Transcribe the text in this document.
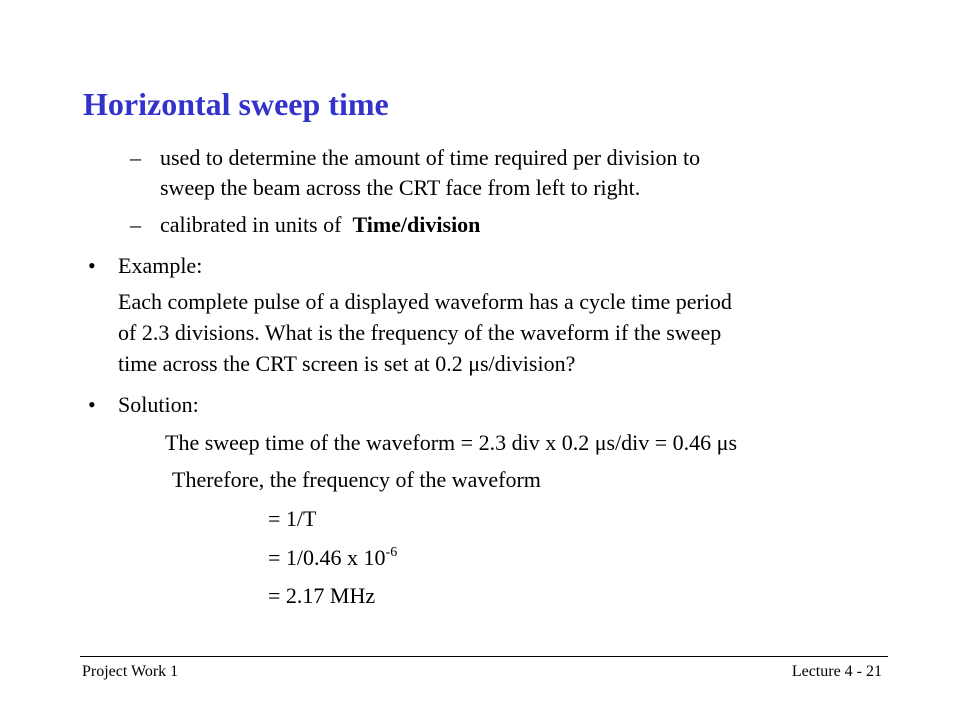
Horizontal sweep time
– used to determine the amount of time required per division to
sweep the beam across the CRT face from left to right.
– calibrated in units of  Time/division
• Example:
Each complete pulse of a displayed waveform has a cycle time period
of 2.3 divisions. What is the frequency of the waveform if the sweep
time across the CRT screen is set at 0.2 μs/division?
• Solution:
The sweep time of the waveform = 2.3 div x 0.2 μs/div = 0.46 μs
Therefore, the frequency of the waveform
= 1/T
= 1/0.46 x $10^{-6}$
= 2.17 MHz
Project Work 1	Lecture 4 - 21
